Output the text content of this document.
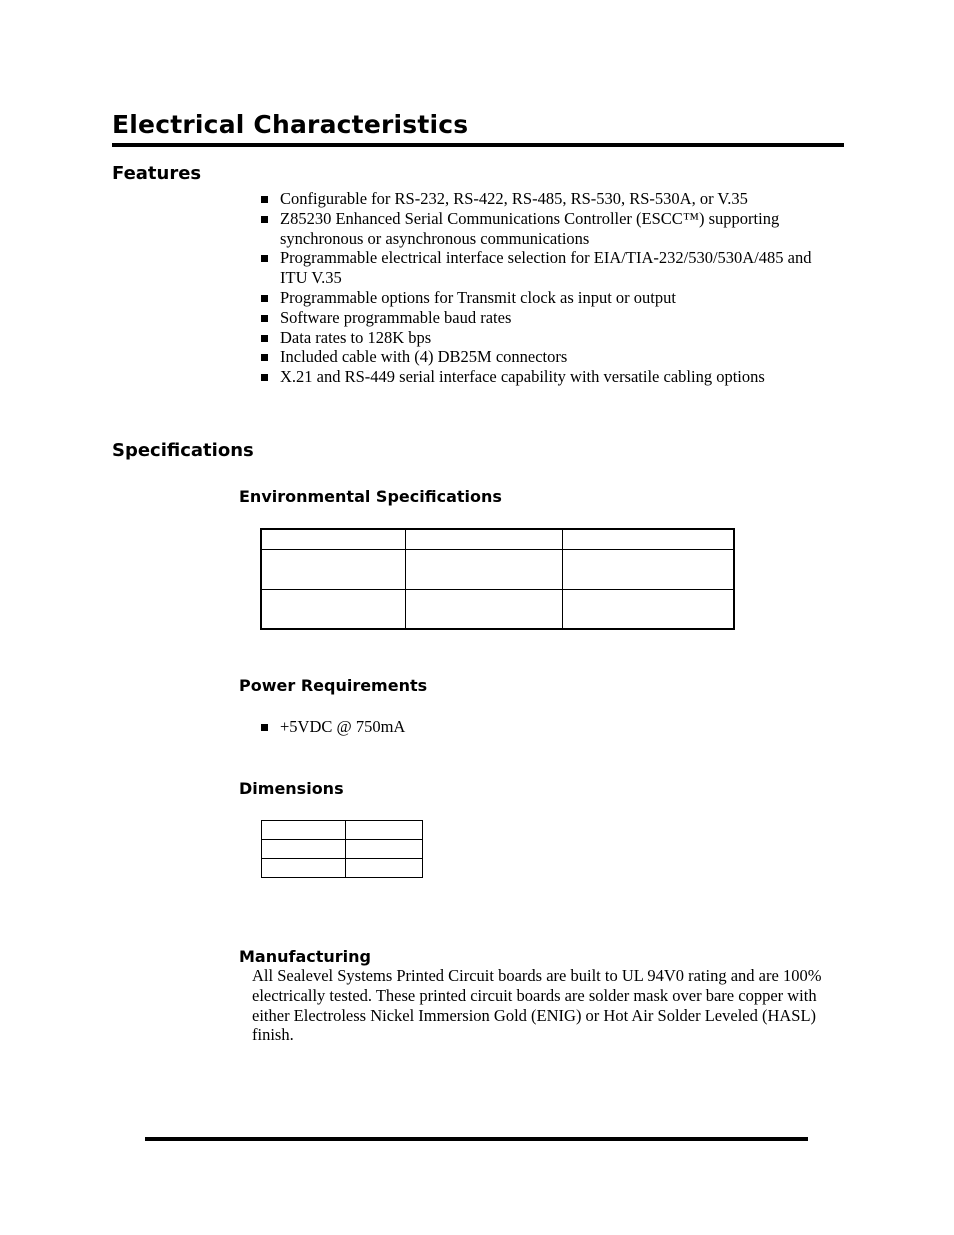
Electrical Characteristics
Features
Configurable for RS-232, RS-422, RS-485, RS-530, RS-530A, or V.35
Z85230 Enhanced Serial Communications Controller (ESCC™) supporting synchronous or asynchronous communications
Programmable electrical interface selection for EIA/TIA-232/530/530A/485 and ITU V.35
Programmable options for Transmit clock as input or output
Software programmable baud rates
Data rates to 128K bps
Included cable with (4) DB25M connectors
X.21 and RS-449 serial interface capability with versatile cabling options
Specifications
Environmental Specifications

Power Requirements
+5VDC @ 750mA
Dimensions

Manufacturing
All Sealevel Systems Printed Circuit boards are built to UL 94V0 rating and are 100% electrically tested. These printed circuit boards are solder mask over bare copper with either Electroless Nickel Immersion Gold (ENIG) or Hot Air Solder Leveled (HASL) finish.
